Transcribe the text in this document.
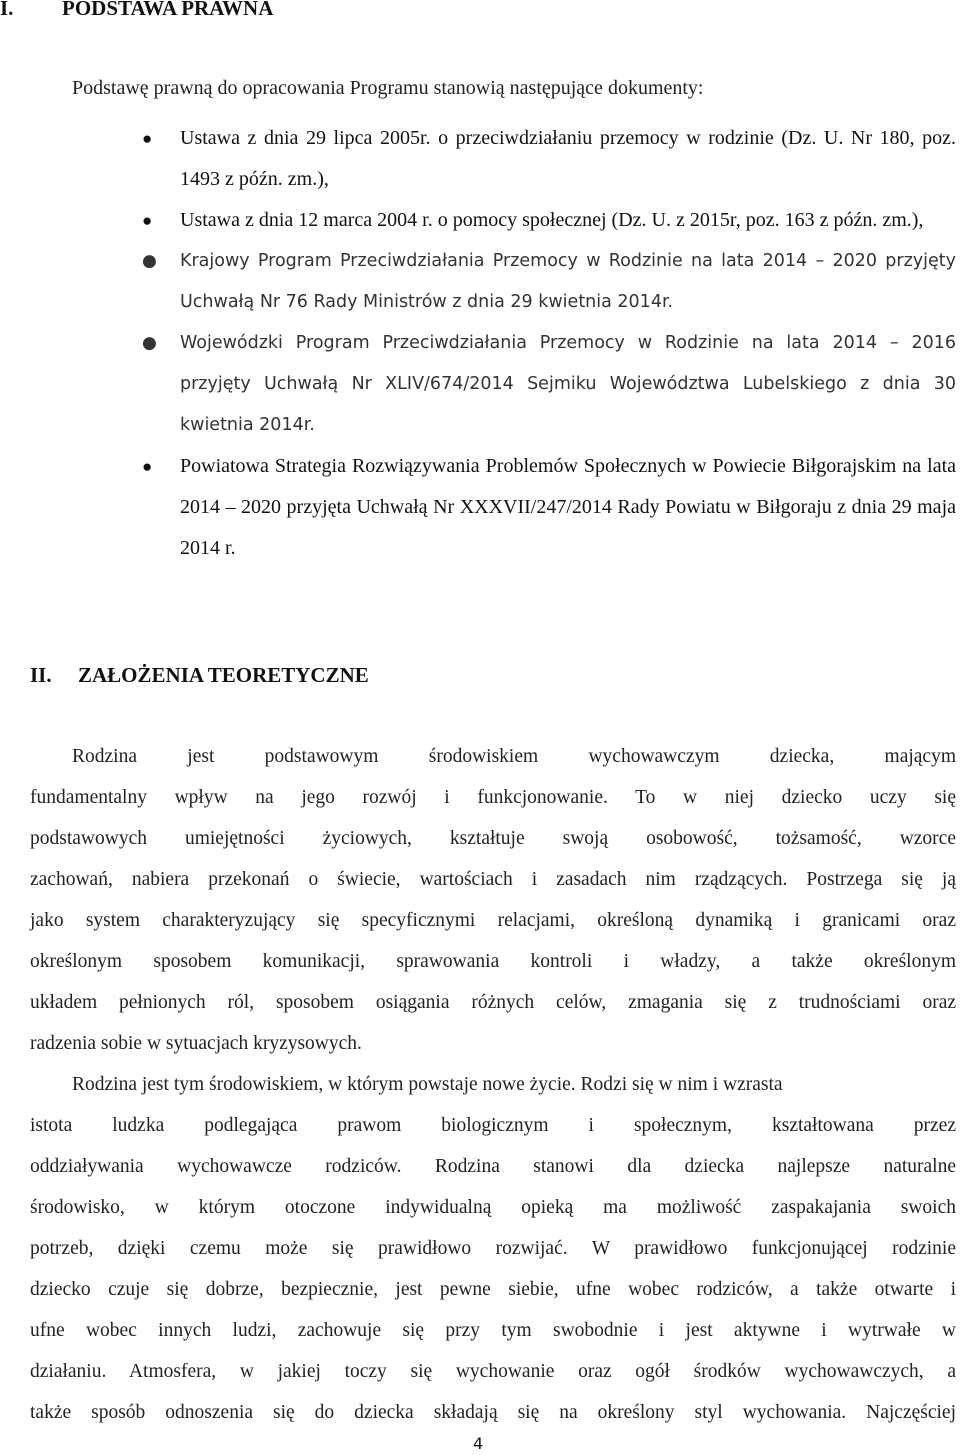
I. PODSTAWA PRAWNA
Podstawę prawną do opracowania Programu stanowią następujące dokumenty:
● Ustawa z dnia 29 lipca 2005r. o przeciwdziałaniu przemocy w rodzinie (Dz. U. Nr 180, poz. 1493 z późn. zm.),
● Ustawa z dnia 12 marca 2004 r. o pomocy społecznej (Dz. U. z 2015r, poz. 163 z późn. zm.),
● Krajowy Program Przeciwdziałania Przemocy w Rodzinie na lata 2014 – 2020 przyjęty Uchwałą Nr 76 Rady Ministrów z dnia 29 kwietnia 2014r.
● Wojewódzki Program Przeciwdziałania Przemocy w Rodzinie na lata 2014 – 2016 przyjęty Uchwałą Nr XLIV/674/2014 Sejmiku Województwa Lubelskiego z dnia 30 kwietnia 2014r.
● Powiatowa Strategia Rozwiązywania Problemów Społecznych w Powiecie Biłgorajskim na lata 2014 – 2020 przyjęta Uchwałą Nr XXXVII/247/2014 Rady Powiatu w Biłgoraju z dnia 29 maja 2014 r.
II. ZAŁOŻENIA TEORETYCZNE
Rodzina jest podstawowym środowiskiem wychowawczym dziecka, mającym
fundamentalny wpływ na jego rozwój i funkcjonowanie. To w niej dziecko uczy się
podstawowych umiejętności życiowych, kształtuje swoją osobowość, tożsamość, wzorce
zachowań, nabiera przekonań o świecie, wartościach i zasadach nim rządzących. Postrzega się ją
jako system charakteryzujący się specyficznymi relacjami, określoną dynamiką i granicami oraz
określonym sposobem komunikacji, sprawowania kontroli i władzy, a także określonym
układem pełnionych ról, sposobem osiągania różnych celów, zmagania się z trudnościami oraz
radzenia sobie w sytuacjach kryzysowych.
Rodzina jest tym środowiskiem, w którym powstaje nowe życie. Rodzi się w nim i wzrasta
istota ludzka podlegająca prawom biologicznym i społecznym, kształtowana przez
oddziaływania wychowawcze rodziców. Rodzina stanowi dla dziecka najlepsze naturalne
środowisko, w którym otoczone indywidualną opieką ma możliwość zaspakajania swoich
potrzeb, dzięki czemu może się prawidłowo rozwijać. W prawidłowo funkcjonującej rodzinie
dziecko czuje się dobrze, bezpiecznie, jest pewne siebie, ufne wobec rodziców, a także otwarte i
ufne wobec innych ludzi, zachowuje się przy tym swobodnie i jest aktywne i wytrwałe w
działaniu. Atmosfera, w jakiej toczy się wychowanie oraz ogół środków wychowawczych, a
także sposób odnoszenia się do dziecka składają się na określony styl wychowania. Najczęściej
4
